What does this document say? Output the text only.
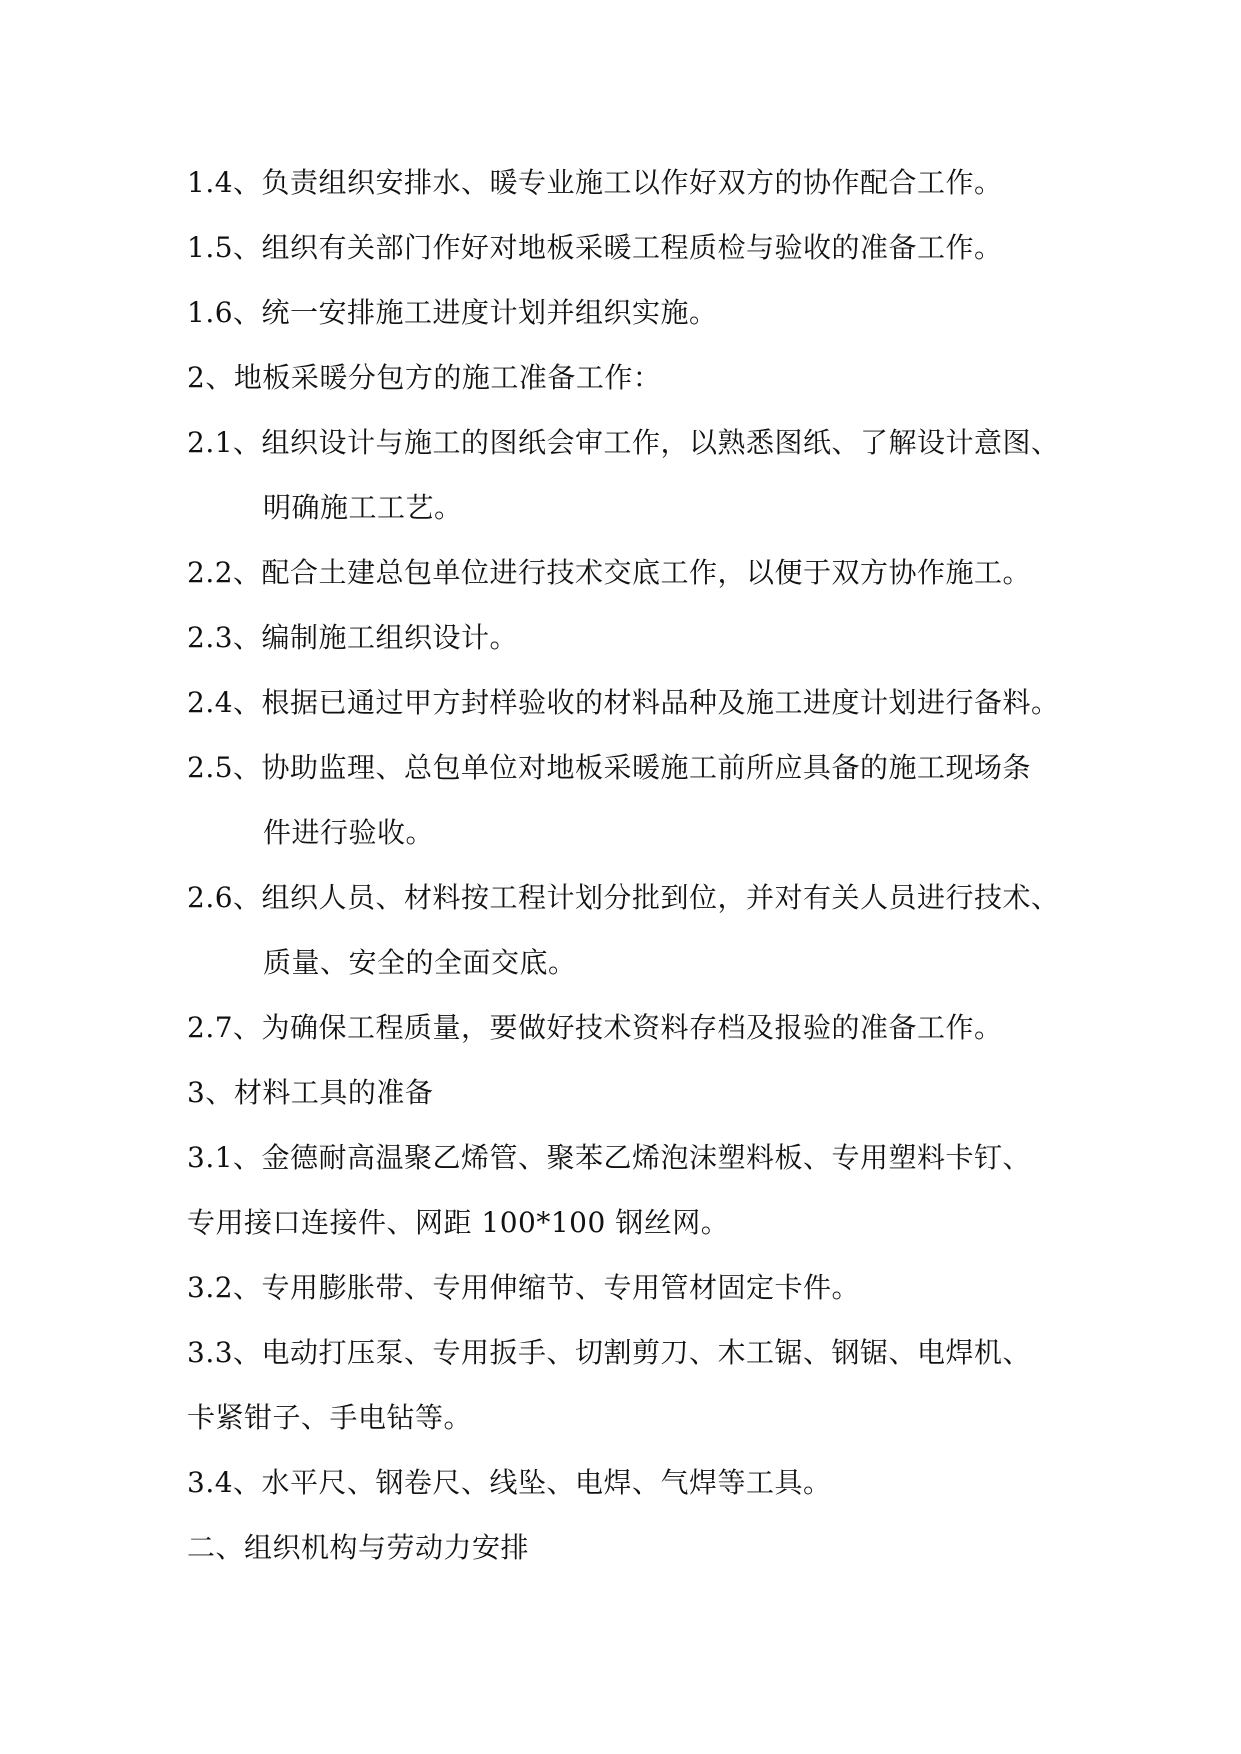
1.4、负责组织安排水、暖专业施工以作好双方的协作配合工作。
1.5、组织有关部门作好对地板采暖工程质检与验收的准备工作。
1.6、统一安排施工进度计划并组织实施。
2、地板采暖分包方的施工准备工作：
2.1、组织设计与施工的图纸会审工作，以熟悉图纸、了解设计意图、
明确施工工艺。
2.2、配合土建总包单位进行技术交底工作，以便于双方协作施工。
2.3、编制施工组织设计。
2.4、根据已通过甲方封样验收的材料品种及施工进度计划进行备料。
2.5、协助监理、总包单位对地板采暖施工前所应具备的施工现场条
件进行验收。
2.6、组织人员、材料按工程计划分批到位，并对有关人员进行技术、
质量、安全的全面交底。
2.7、为确保工程质量，要做好技术资料存档及报验的准备工作。
3、材料工具的准备
3.1、金德耐高温聚乙烯管、聚苯乙烯泡沫塑料板、专用塑料卡钉、
专用接口连接件、网距 100*100 钢丝网。
3.2、专用膨胀带、专用伸缩节、专用管材固定卡件。
3.3、电动打压泵、专用扳手、切割剪刀、木工锯、钢锯、电焊机、
卡紧钳子、手电钻等。
3.4、水平尺、钢卷尺、线坠、电焊、气焊等工具。
二、组织机构与劳动力安排
